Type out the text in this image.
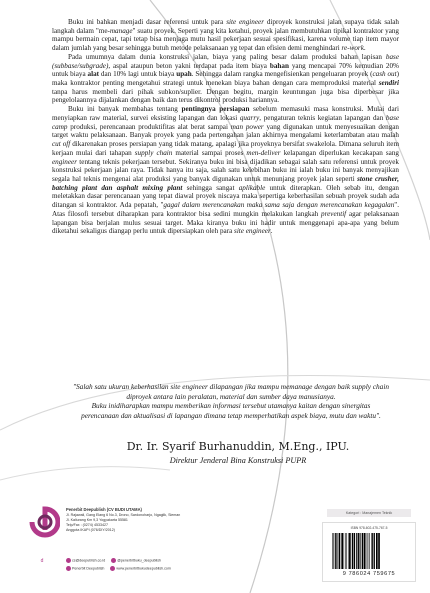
Buku ini bahkan menjadi dasar referensi untuk para site engineer diproyek konstruksi jalan supaya tidak salah langkah dalam "me-manage" suatu proyek. Seperti yang kita ketahui, proyek jalan membutuhkan tipikal kontraktor yang mampu bermain cepat, tapi tetap bisa menjaga mutu hasil pekerjaan sesuai spesifikasi, karena volume tiap item mayor dalam jumlah yang besar sehingga butuh metode pelaksanaan yg tepat dan efisien demi menghindari re-work.

Pada umumnya dalam dunia konstruksi jalan, biaya yang paling besar dalam produksi bahan lapisan base (subbase/subgrade), aspal ataupun beton yakni terdapat pada item biaya bahan yang mencapai 70% kemudian 20% untuk biaya alat dan 10% lagi untuk biaya upah. Sehingga dalam rangka mengefisienkan pengeluaran proyek (cash out) maka kontraktor penting mengetahui strategi untuk menekan biaya bahan dengan cara memproduksi material sendiri tanpa harus membeli dari pihak subkon/suplier. Dengan begitu, margin keuntungan juga bisa diperbesar jika pengelolaannya dijalankan dengan baik dan terus dikontrol produksi hariannya.

Buku ini banyak membahas tentang pentingnya persiapan sebelum memasuki masa konstruksi. Mulai dari menyiapkan raw material, survei eksisting lapangan dan lokasi quarry, pengaturan teknis kegiatan lapangan dan base camp produksi, perencanaan produktifitas alat berat sampai man power yang digunakan untuk menyesuaikan dengan target waktu pelaksanaan. Banyak proyek yang pada pertengahan jalan akhirnya mengalami keterlambatan atau malah cut off dikarenakan proses persiapan yang tidak matang, apalagi jika proyeknya bersifat swakelola. Dimana seluruh item kerjaan mulai dari tahapan supply chain material sampai proses men-deliver kelapangan diperlukan kecakapan sang engineer tentang teknis pekerjaan tersebut. Sekiranya buku ini bisa dijadikan sebagai salah satu referensi untuk proyek konstruksi pekerjaan jalan raya. Tidak hanya itu saja, salah satu kelebihan buku ini ialah buku ini banyak menyajikan segala hal teknis mengenai alat produksi yang banyak digunakan untuk menunjang proyek jalan seperti stone crusher, batching plant dan asphalt mixing plant sehingga sangat aplikable untuk diterapkan. Oleh sebab itu, dengan meletakkan dasar perencanaan yang tepat diawal proyek niscaya maka sepertiga keberhasilan sebuah proyek sudah ada ditangan si kontraktor. Ada pepatah, "gagal dalam merencanakan maka sama saja dengan merencanakan kegagalan". Atas filosofi tersebut diharapkan para kontraktor bisa sedini mungkin melakukan langkah preventif agar pelaksanaan lapangan bisa berjalan mulus sesuai target. Maka kiranya buku ini hadir untuk menggenapi apa-apa yang belum diketahui sekaligus diangap perlu untuk dipersiapkan oleh para site engineer.

"Salah satu ukuran keberhasilan site engineer dilapangan jika mampu memanage dengan baik supply chain diproyek antara lain peralatan, material dan sumber daya manusianya.

Buku inidiharapkan mampu memberikan informasi tersebut utamanya kaitan dengan sinergitas perencanaan dan aktualisasi di lapangan dimana tetap memperhatikan aspek biaya, mutu dan waktu".

Dr. Ir. Syarif Burhanuddin, M.Eng., IPU.
Direktur Jenderal Bina Konstruksi PUPR
d
Penerbit Deepublish (CV BUDI UTAMA)
Jl. Rajawali, Gang Elang 6 No.3, Drono, Sardonoharjo, Ngaglik, Sleman
Jl. Kaliurang Km 9,3 Yogyakarta 55581
Telp/Fax : (0274) 4533427
Anggota IKAPI (076/DIY/2012)
cs@deepublish.co.id	@penerbitbuku_deepublish
Penerbit Deepublish	www.penerbitbukudeepublish.com
Kategori : Manajemen Teknik
ISBN 978-602-475-767-5
9 786024 759675
